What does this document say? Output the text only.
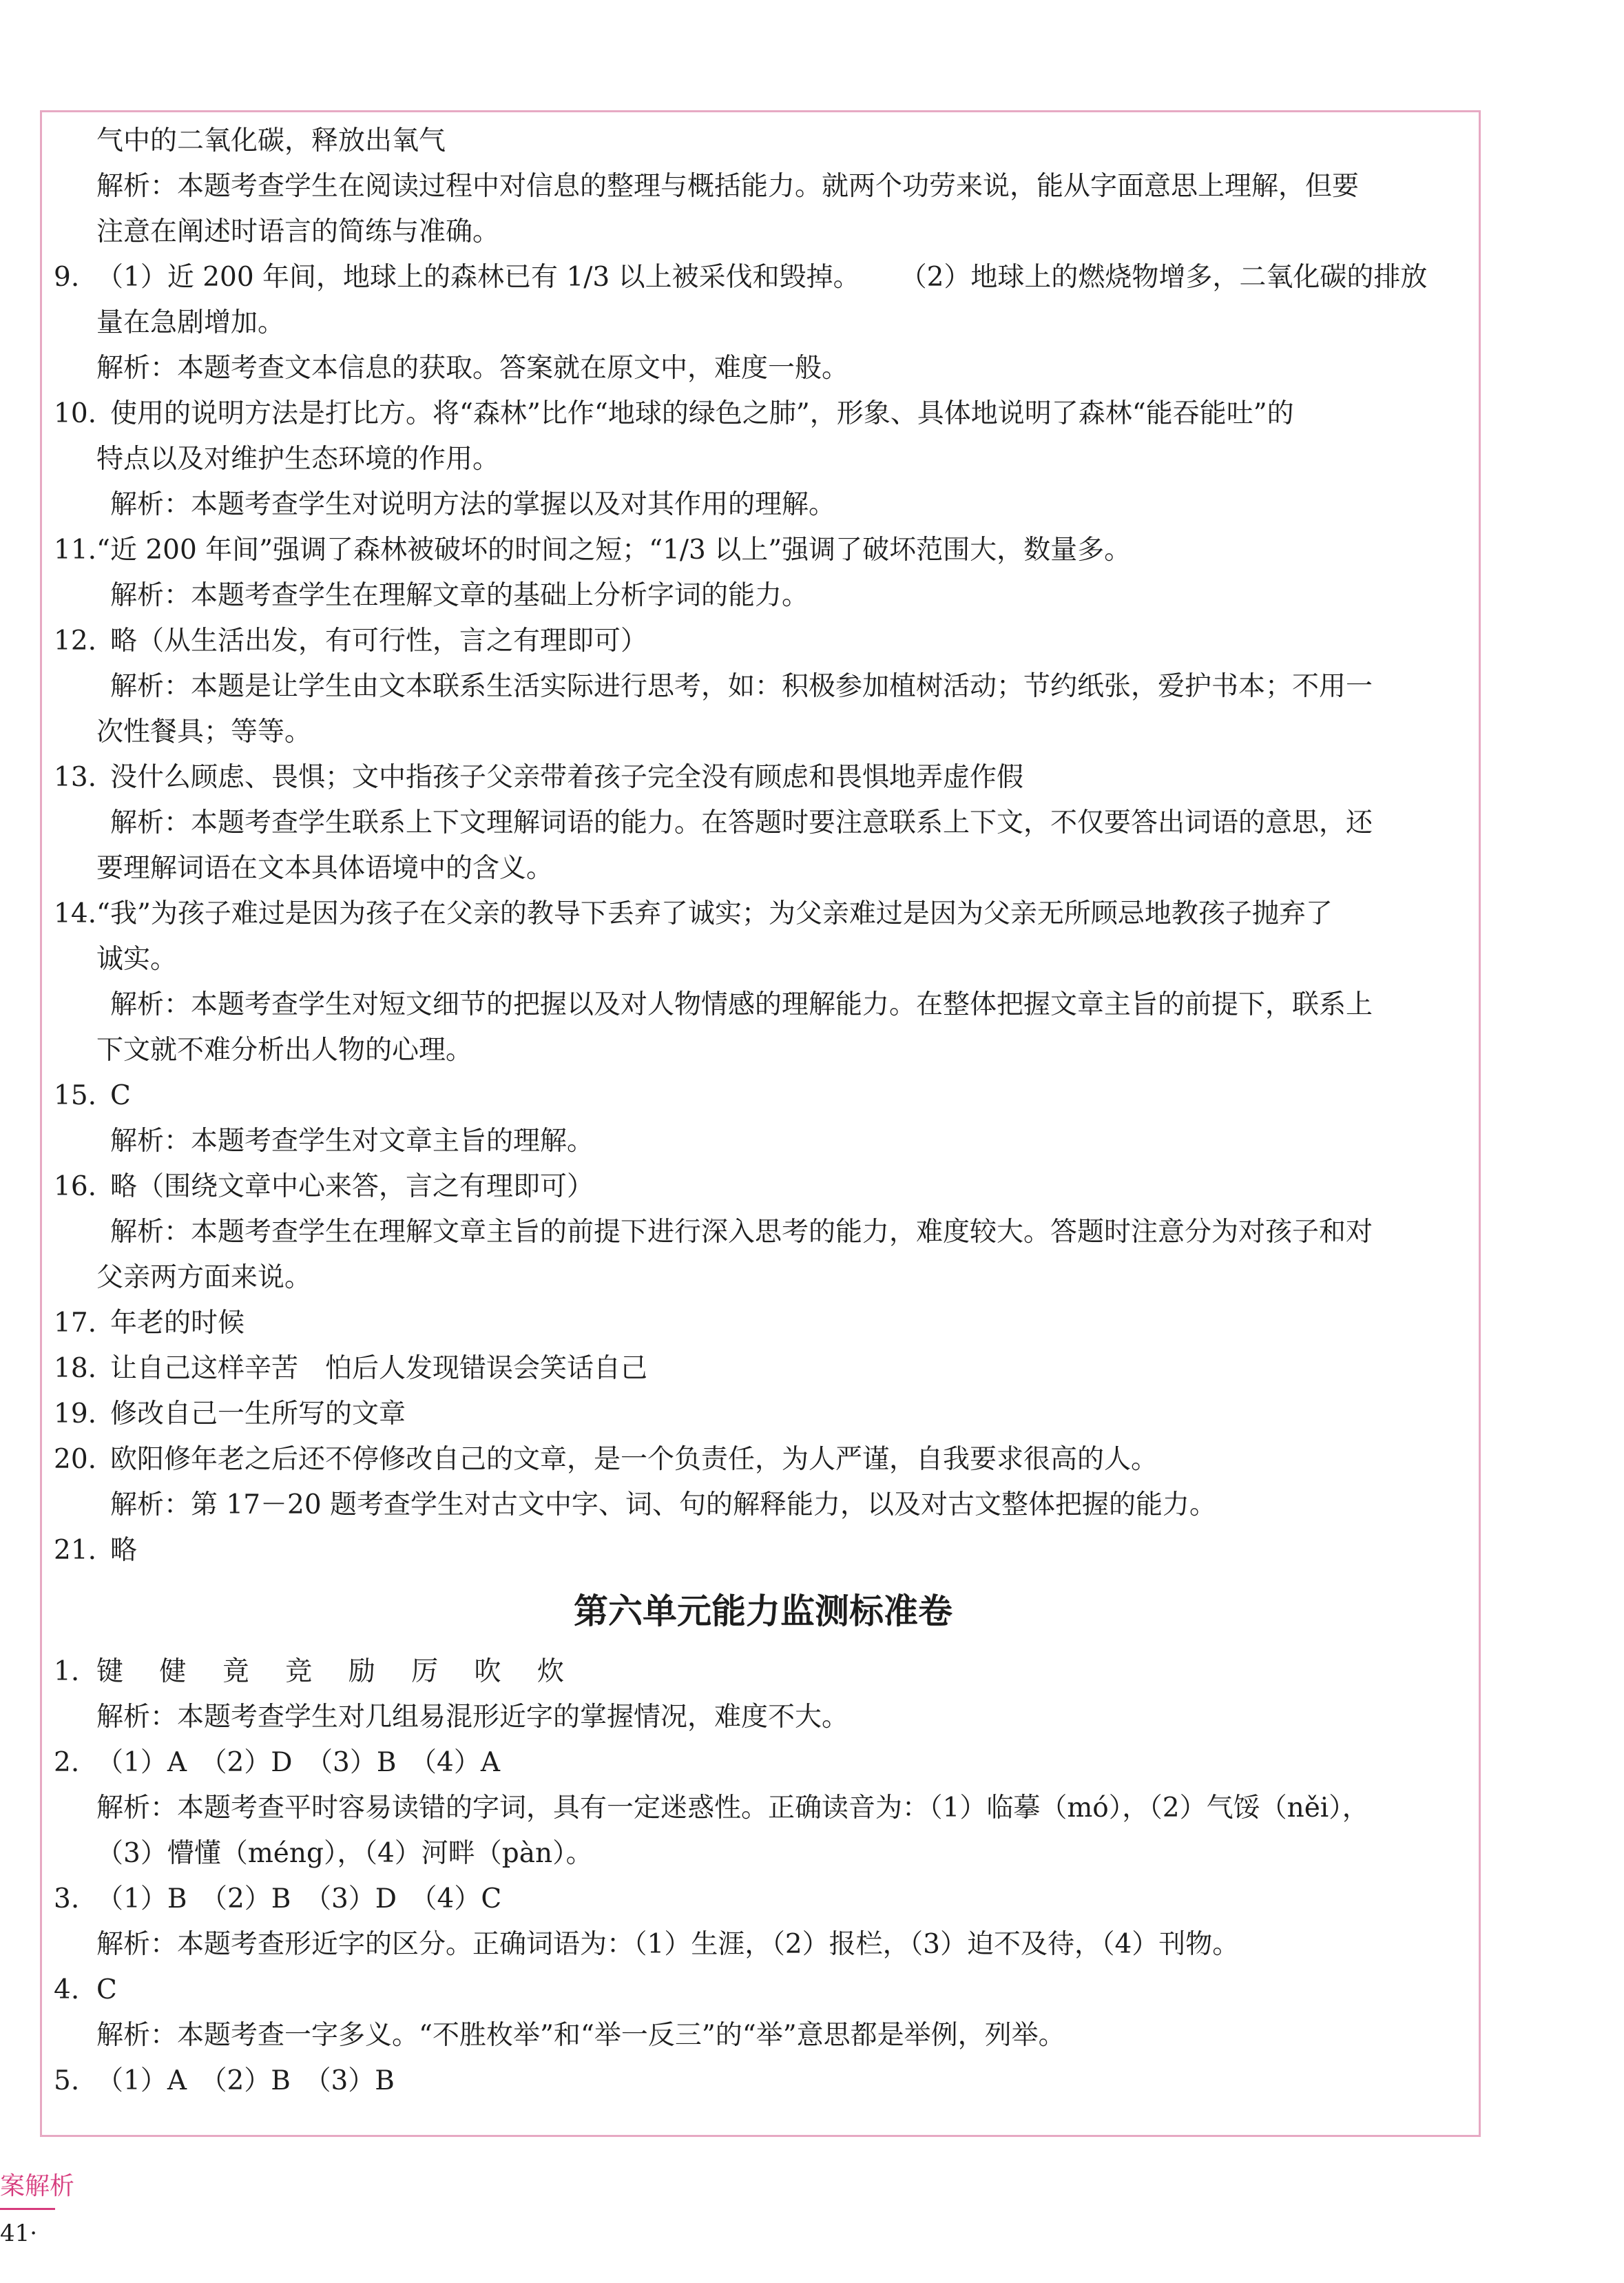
气中的二氧化碳，释放出氧气
解析：本题考查学生在阅读过程中对信息的整理与概括能力。就两个功劳来说，能从字面意思上理解，但要
注意在阐述时语言的简练与准确。
9. （1）近 200 年间，地球上的森林已有 1/3 以上被采伐和毁掉。 （2）地球上的燃烧物增多，二氧化碳的排放
量在急剧增加。
解析：本题考查文本信息的获取。答案就在原文中，难度一般。
10. 使用的说明方法是打比方。将“森林”比作“地球的绿色之肺”，形象、具体地说明了森林“能吞能吐”的
特点以及对维护生态环境的作用。
解析：本题考查学生对说明方法的掌握以及对其作用的理解。
11. “近 200 年间”强调了森林被破坏的时间之短；“1/3 以上”强调了破坏范围大，数量多。
解析：本题考查学生在理解文章的基础上分析字词的能力。
12. 略（从生活出发，有可行性，言之有理即可）
解析：本题是让学生由文本联系生活实际进行思考，如：积极参加植树活动；节约纸张，爱护书本；不用一
次性餐具；等等。
13. 没什么顾虑、畏惧；文中指孩子父亲带着孩子完全没有顾虑和畏惧地弄虚作假
解析：本题考查学生联系上下文理解词语的能力。在答题时要注意联系上下文，不仅要答出词语的意思，还
要理解词语在文本具体语境中的含义。
14. “我”为孩子难过是因为孩子在父亲的教导下丢弃了诚实；为父亲难过是因为父亲无所顾忌地教孩子抛弃了
诚实。
解析：本题考查学生对短文细节的把握以及对人物情感的理解能力。在整体把握文章主旨的前提下，联系上
下文就不难分析出人物的心理。
15. C
解析：本题考查学生对文章主旨的理解。
16. 略（围绕文章中心来答，言之有理即可）
解析：本题考查学生在理解文章主旨的前提下进行深入思考的能力，难度较大。答题时注意分为对孩子和对
父亲两方面来说。
17. 年老的时候
18. 让自己这样辛苦　怕后人发现错误会笑话自己
19. 修改自己一生所写的文章
20. 欧阳修年老之后还不停修改自己的文章，是一个负责任，为人严谨，自我要求很高的人。
解析：第 17－20 题考查学生对古文中字、词、句的解释能力，以及对古文整体把握的能力。
21. 略
第六单元能力监测标准卷
1. 键 健 竟 竞 励 厉 吹 炊
解析：本题考查学生对几组易混形近字的掌握情况，难度不大。
2. （1）A　（2）D　（3）B　（4）A
解析：本题考查平时容易读错的字词，具有一定迷惑性。正确读音为：（1）临摹（mó），（2）气馁（něi），
（3）懵懂（méng），（4）河畔（pàn）。
3. （1）B　（2）B　（3）D　（4）C
解析：本题考查形近字的区分。正确词语为：（1）生涯，（2）报栏，（3）迫不及待，（4）刊物。
4. C
解析：本题考查一字多义。“不胜枚举”和“举一反三”的“举”意思都是举例，列举。
5. （1）A　（2）B　（3）B
案解析
41·
